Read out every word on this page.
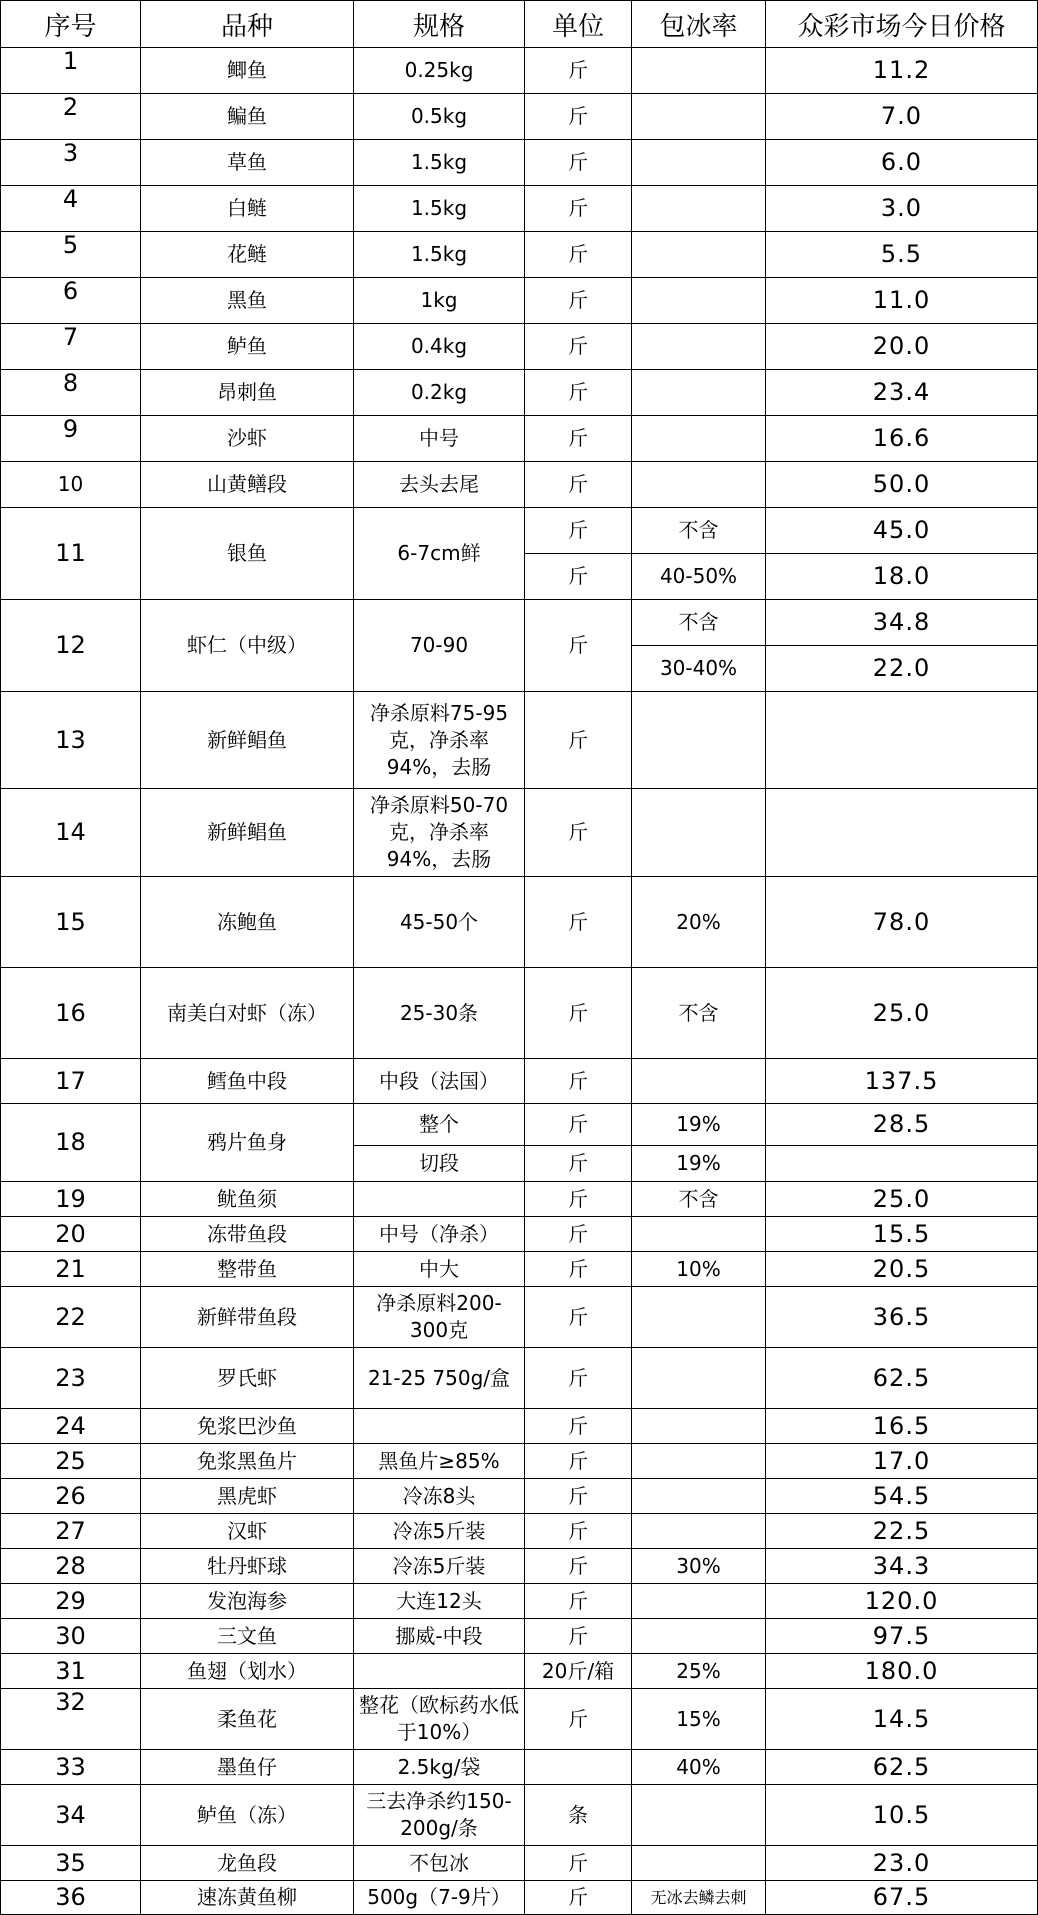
序号	品种	规格	单位	包冰率	众彩市场今日价格
1	鲫鱼	0.25kg	斤		11.2
2	鳊鱼	0.5kg	斤		7.0
3	草鱼	1.5kg	斤		6.0
4	白鲢	1.5kg	斤		3.0
5	花鲢	1.5kg	斤		5.5
6	黑鱼	1kg	斤		11.0
7	鲈鱼	0.4kg	斤		20.0
8	昂刺鱼	0.2kg	斤		23.4
9	沙虾	中号	斤		16.6
10	山黄鳝段	去头去尾	斤		50.0
11	银鱼	6-7cm鲜	斤	不含	45.0
			斤	40-50%	18.0
12	虾仁（中级）	70-90	斤	不含	34.8
				30-40%	22.0
13	新鲜鲳鱼	净杀原料75-95克，净杀率94%，去肠	斤		
14	新鲜鲳鱼	净杀原料50-70克，净杀率94%，去肠	斤		
15	冻鲍鱼	45-50个	斤	20%	78.0
16	南美白对虾（冻）	25-30条	斤	不含	25.0
17	鳕鱼中段	中段（法国）	斤		137.5
18	鸦片鱼身	整个	斤	19%	28.5
		切段	斤	19%	
19	鱿鱼须		斤	不含	25.0
20	冻带鱼段	中号（净杀）	斤		15.5
21	整带鱼	中大	斤	10%	20.5
22	新鲜带鱼段	净杀原料200-300克	斤		36.5
23	罗氏虾	21-25 750g/盒	斤		62.5
24	免浆巴沙鱼		斤		16.5
25	免浆黑鱼片	黑鱼片≥85%	斤		17.0
26	黑虎虾	冷冻8头	斤		54.5
27	汉虾	冷冻5斤装	斤		22.5
28	牡丹虾球	冷冻5斤装	斤	30%	34.3
29	发泡海参	大连12头	斤		120.0
30	三文鱼	挪威-中段	斤		97.5
31	鱼翅（划水）		20斤/箱	25%	180.0
32	柔鱼花	整花（欧标药水低于10%）	斤	15%	14.5
33	墨鱼仔	2.5kg/袋		40%	62.5
34	鲈鱼（冻）	三去净杀约150-200g/条	条		10.5
35	龙鱼段	不包冰	斤		23.0
36	速冻黄鱼柳	500g（7-9片）	斤	无冰去鳞去刺	67.5
